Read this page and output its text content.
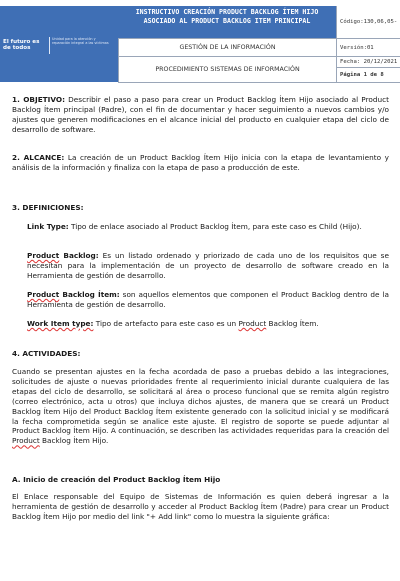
El futuro es de todos
Unidad para la atención y reparación integral a las víctimas
INSTRUCTIVO CREACIÓN PRODUCT BACKLOG ÍTEM HIJO ASOCIADO AL PRODUCT BACKLOG ITEM PRINCIPAL
GESTIÓN DE LA INFORMACIÓN
PROCEDIMIENTO SISTEMAS DE INFORMACIÓN
Código:130,06,05-
Versión:01
Fecha: 20/12/2021
Página 1 de 8
1. OBJETIVO: Describir el paso a paso para crear un Product Backlog Ítem Hijo asociado al Product Backlog Ítem principal (Padre), con el fin de documentar y hacer seguimiento a nuevos cambios y/o ajustes que generen modificaciones en el alcance inicial del producto en cualquier etapa del ciclo de desarrollo de software.
2. ALCANCE: La creación de un Product Backlog Ítem Hijo inicia con la etapa de levantamiento y análisis de la información y finaliza con la etapa de paso a producción de este.
3. DEFINICIONES:
Link Type: Tipo de enlace asociado al Product Backlog Ítem, para este caso es Child (Hijo).
Product Backlog: Es un listado ordenado y priorizado de cada uno de los requisitos que se necesitan para la implementación de un proyecto de desarrollo de software creado en la Herramienta de gestión de desarrollo.
Product Backlog Ítem: son aquellos elementos que componen el Product Backlog dentro de la Herramienta de gestión de desarrollo.
Work Item type: Tipo de artefacto para este caso es un Product Backlog Ítem.
4. ACTIVIDADES:
Cuando se presentan ajustes en la fecha acordada de paso a pruebas debido a las integraciones, solicitudes de ajuste o nuevas prioridades frente al requerimiento inicial durante cualquiera de las etapas del ciclo de desarrollo, se solicitará al área o proceso funcional que se remita algún registro (correo electrónico, acta u otros) que incluya dichos ajustes, de manera que se creará un Product Backlog Ítem Hijo del Product Backlog Ítem existente generado con la solicitud inicial y se modificará la fecha comprometida según se analice este ajuste. El registro de soporte se puede adjuntar al Product Backlog Ítem Hijo. A continuación, se describen las actividades requeridas para la creación del Product Backlog Ítem Hijo.
A. Inicio de creación del Product Backlog Ítem Hijo
El Enlace responsable del Equipo de Sistemas de Información es quien deberá ingresar a la herramienta de gestión de desarrollo y acceder al Product Backlog Ítem (Padre) para crear un Product Backlog Ítem Hijo por medio del link "+ Add link" como lo muestra la siguiente gráfica:
